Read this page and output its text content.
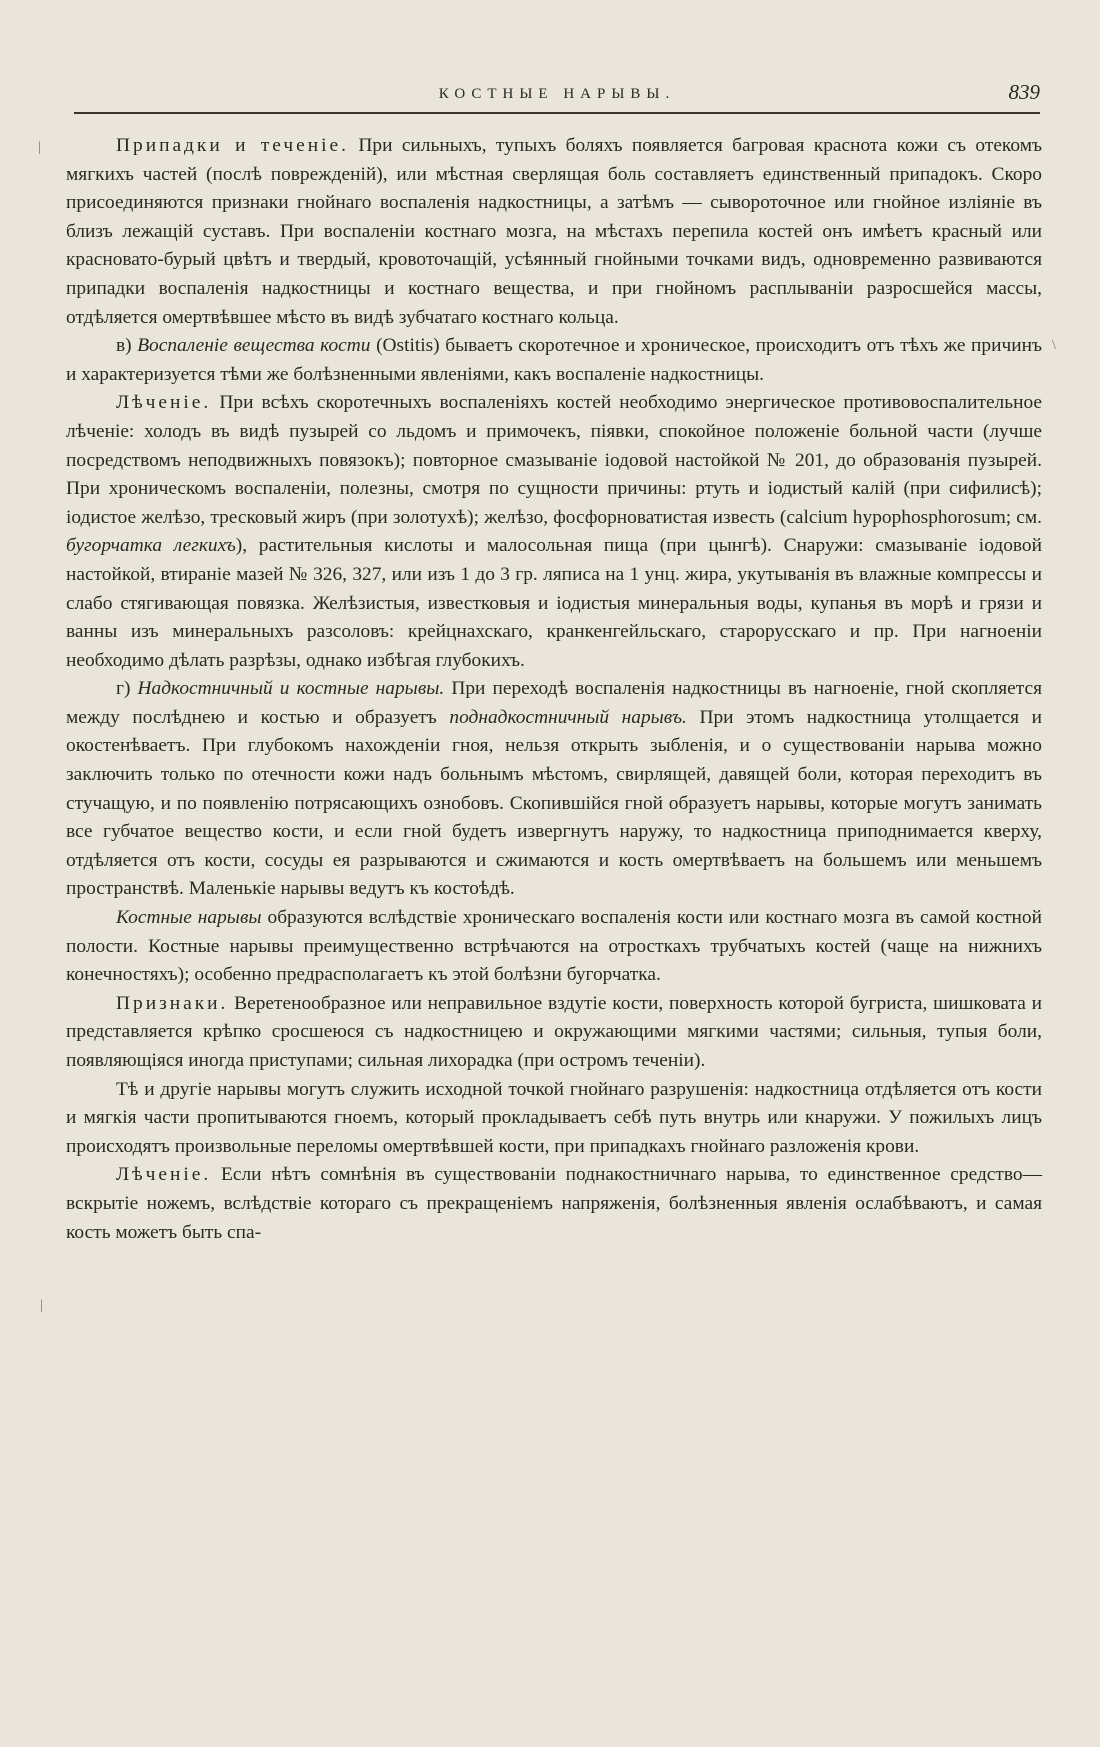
КОСТНЫЕ НАРЫВЫ.	839
|
\
|

Припадки и теченіе. При сильныхъ, тупыхъ боляхъ появляется багровая краснота кожи съ отекомъ мягкихъ частей (послѣ поврежденій), или мѣстная сверлящая боль составляетъ единственный припадокъ. Скоро присоединяются признаки гнойнаго воспаленія надкостницы, а затѣмъ — сывороточное или гнойное изліяніе въ близъ лежащій суставъ. При воспаленіи костнаго мозга, на мѣстахъ перепила костей онъ имѣетъ красный или красновато-бурый цвѣтъ и твердый, кровоточащій, усѣянный гнойными точками видъ, одновременно развиваются припадки воспаленія надкостницы и костнаго вещества, и при гнойномъ расплываніи разросшейся массы, отдѣляется омертвѣвшее мѣсто въ видѣ зубчатаго костнаго кольца.

в) Воспаленіе вещества кости (Ostitis) бываетъ скоротечное и хроническое, происходитъ отъ тѣхъ же причинъ и характеризуется тѣми же болѣзненными явленіями, какъ воспаленіе надкостницы.

Лѣченіе. При всѣхъ скоротечныхъ воспаленіяхъ костей необходимо энергическое противовоспалительное лѣченіе: холодъ въ видѣ пузырей со льдомъ и примочекъ, піявки, спокойное положеніе больной части (лучше посредствомъ неподвижныхъ повязокъ); повторное смазываніе іодовой настойкой № 201, до образованія пузырей. При хроническомъ воспаленіи, полезны, смотря по сущности причины: ртуть и іодистый калій (при сифилисѣ); іодистое желѣзо, тресковый жиръ (при золотухѣ); желѣзо, фосфорноватистая известь (calcium hypophosphorosum; см. бугорчатка легкихъ), растительныя кислоты и малосольная пища (при цынгѣ). Снаружи: смазываніе іодовой настойкой, втираніе мазей № 326, 327, или изъ 1 до 3 гр. ляписа на 1 унц. жира, укутыванія въ влажные компрессы и слабо стягивающая повязка. Желѣзистыя, известковыя и іодистыя минеральныя воды, купанья въ морѣ и грязи и ванны изъ минеральныхъ разсоловъ: крейцнахскаго, кранкенгейльскаго, старорусскаго и пр. При нагноеніи необходимо дѣлать разрѣзы, однако избѣгая глубокихъ.

г) Надкостничный и костные нарывы. При переходѣ воспаленія надкостницы въ нагноеніе, гной скопляется между послѣднею и костью и образуетъ поднадкостничный нарывъ. При этомъ надкостница утолщается и окостенѣваетъ. При глубокомъ нахожденіи гноя, нельзя открыть зыбленія, и о существованіи нарыва можно заключить только по отечности кожи надъ больнымъ мѣстомъ, свирлящей, давящей боли, которая переходитъ въ стучащую, и по появленію потрясающихъ ознобовъ. Скопившійся гной образуетъ нарывы, которые могутъ занимать все губчатое вещество кости, и если гной будетъ извергнутъ наружу, то надкостница приподнимается кверху, отдѣляется отъ кости, сосуды ея разрываются и сжимаются и кость омертвѣваетъ на большемъ или меньшемъ пространствѣ. Маленькіе нарывы ведутъ къ костоѣдѣ.

Костные нарывы образуются вслѣдствіе хроническаго воспаленія кости или костнаго мозга въ самой костной полости. Костные нарывы преимущественно встрѣчаются на отросткахъ трубчатыхъ костей (чаще на нижнихъ конечностяхъ); особенно предрасполагаетъ къ этой болѣзни бугорчатка.

Признаки. Веретенообразное или неправильное вздутіе кости, поверхность которой бугриста, шишковата и представляется крѣпко сросшеюся съ надкостницею и окружающими мягкими частями; сильныя, тупыя боли, появляющіяся иногда приступами; сильная лихорадка (при остромъ теченіи).

Тѣ и другіе нарывы могутъ служить исходной точкой гнойнаго разрушенія: надкостница отдѣляется отъ кости и мягкія части пропитываются гноемъ, который прокладываетъ себѣ путь внутрь или кнаружи. У пожилыхъ лицъ происходятъ произвольные переломы омертвѣвшей кости, при припадкахъ гнойнаго разложенія крови.

Лѣченіе. Если нѣтъ сомнѣнія въ существованіи поднакостничнаго нарыва, то единственное средство—вскрытіе ножемъ, вслѣдствіе котораго съ прекращеніемъ напряженія, болѣзненныя явленія ослабѣваютъ, и самая кость можетъ быть спа-
